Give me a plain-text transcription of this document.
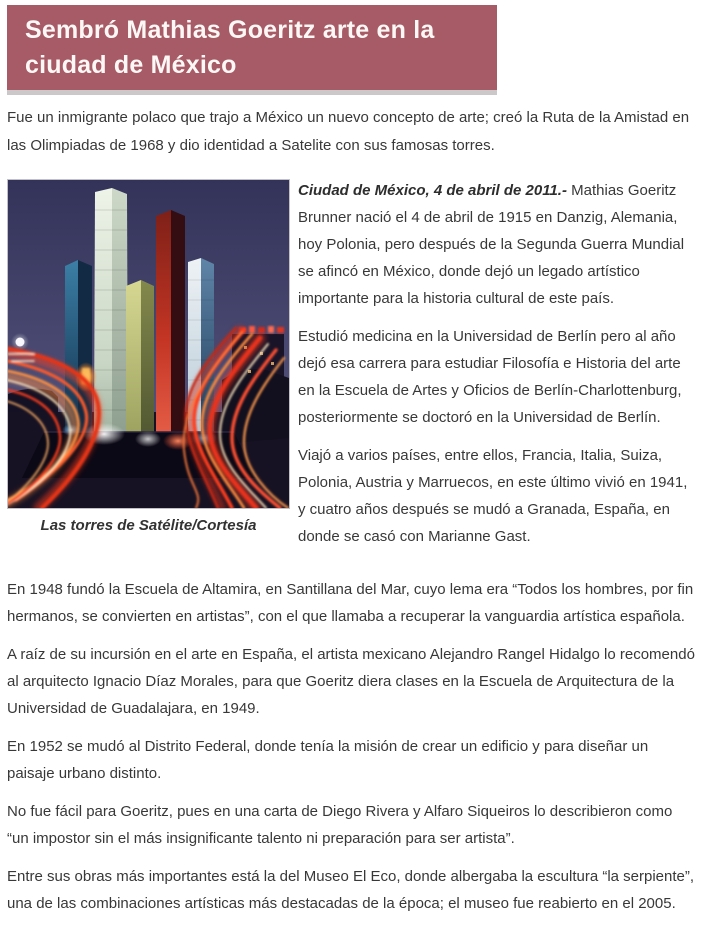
Sembró Mathias Goeritz arte en la ciudad de México

Fue un inmigrante polaco que trajo a México un nuevo concepto de arte; creó la Ruta de la Amistad en las Olimpiadas de 1968 y dio identidad a Satelite con sus famosas torres.

Las torres de Satélite/Cortesía

Ciudad de México, 4 de abril de 2011.- Mathias Goeritz Brunner nació el 4 de abril de 1915 en Danzig, Alemania, hoy Polonia, pero después de la Segunda Guerra Mundial se afincó en México, donde dejó un legado artístico importante para la historia cultural de este país.

Estudió medicina en la Universidad de Berlín pero al año dejó esa carrera para estudiar Filosofía e Historia del arte en la Escuela de Artes y Oficios de Berlín-Charlottenburg, posteriormente se doctoró en la Universidad de Berlín.

Viajó a varios países, entre ellos, Francia, Italia, Suiza, Polonia, Austria y Marruecos, en este último vivió en 1941, y cuatro años después se mudó a Granada, España, en donde se casó con Marianne Gast.

En 1948 fundó la Escuela de Altamira, en Santillana del Mar, cuyo lema era “Todos los hombres, por fin hermanos, se convierten en artistas”, con el que llamaba a recuperar la vanguardia artística española.

A raíz de su incursión en el arte en España, el artista mexicano Alejandro Rangel Hidalgo lo recomendó al arquitecto Ignacio Díaz Morales, para que Goeritz diera clases en la Escuela de Arquitectura de la Universidad de Guadalajara, en 1949.

En 1952 se mudó al Distrito Federal, donde tenía la misión de crear un edificio y para diseñar un paisaje urbano distinto.

No fue fácil para Goeritz, pues en una carta de Diego Rivera y Alfaro Siqueiros lo describieron como “un impostor sin el más insignificante talento ni preparación para ser artista”.

Entre sus obras más importantes está la del Museo El Eco, donde albergaba la escultura “la serpiente”, una de las combinaciones artísticas más destacadas de la época; el museo fue reabierto en el 2005.
